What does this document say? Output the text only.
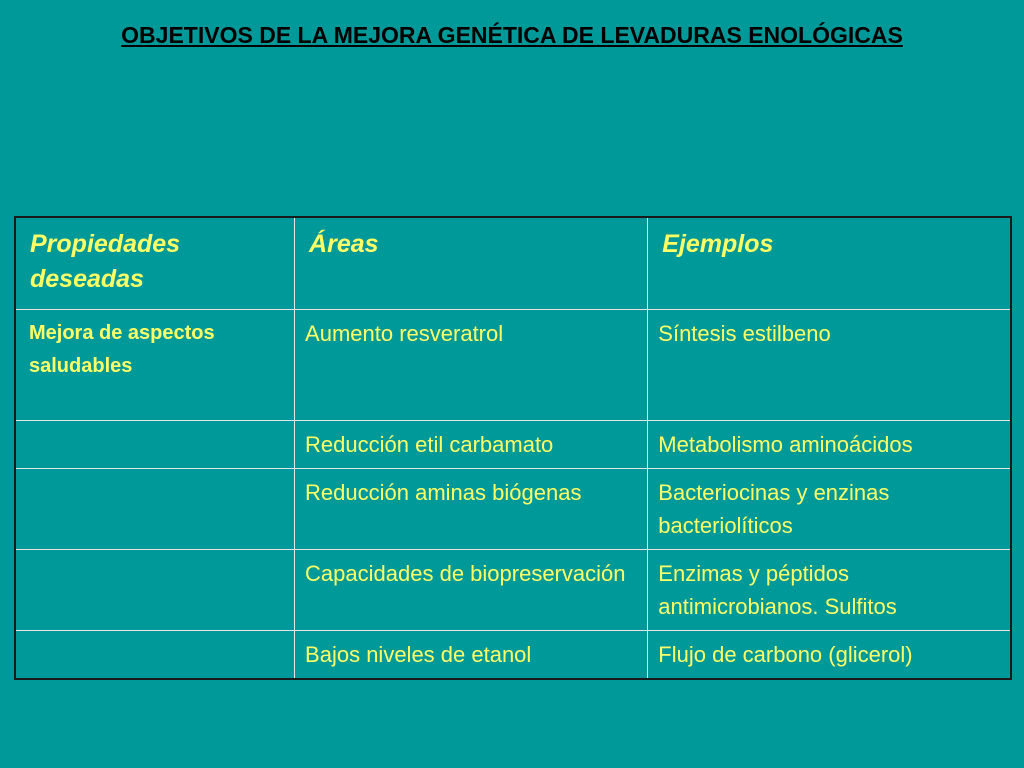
OBJETIVOS DE LA MEJORA GENÉTICA DE LEVADURAS ENOLÓGICAS
Propiedades deseadas	Áreas	Ejemplos
Mejora de aspectos saludables	Aumento resveratrol	Síntesis estilbeno
	Reducción etil carbamato	Metabolismo aminoácidos
	Reducción aminas biógenas	Bacteriocinas y enzinas bacteriolíticos
	Capacidades de biopreservación	Enzimas y péptidos antimicrobianos. Sulfitos
	Bajos niveles de etanol	Flujo de carbono (glicerol)
